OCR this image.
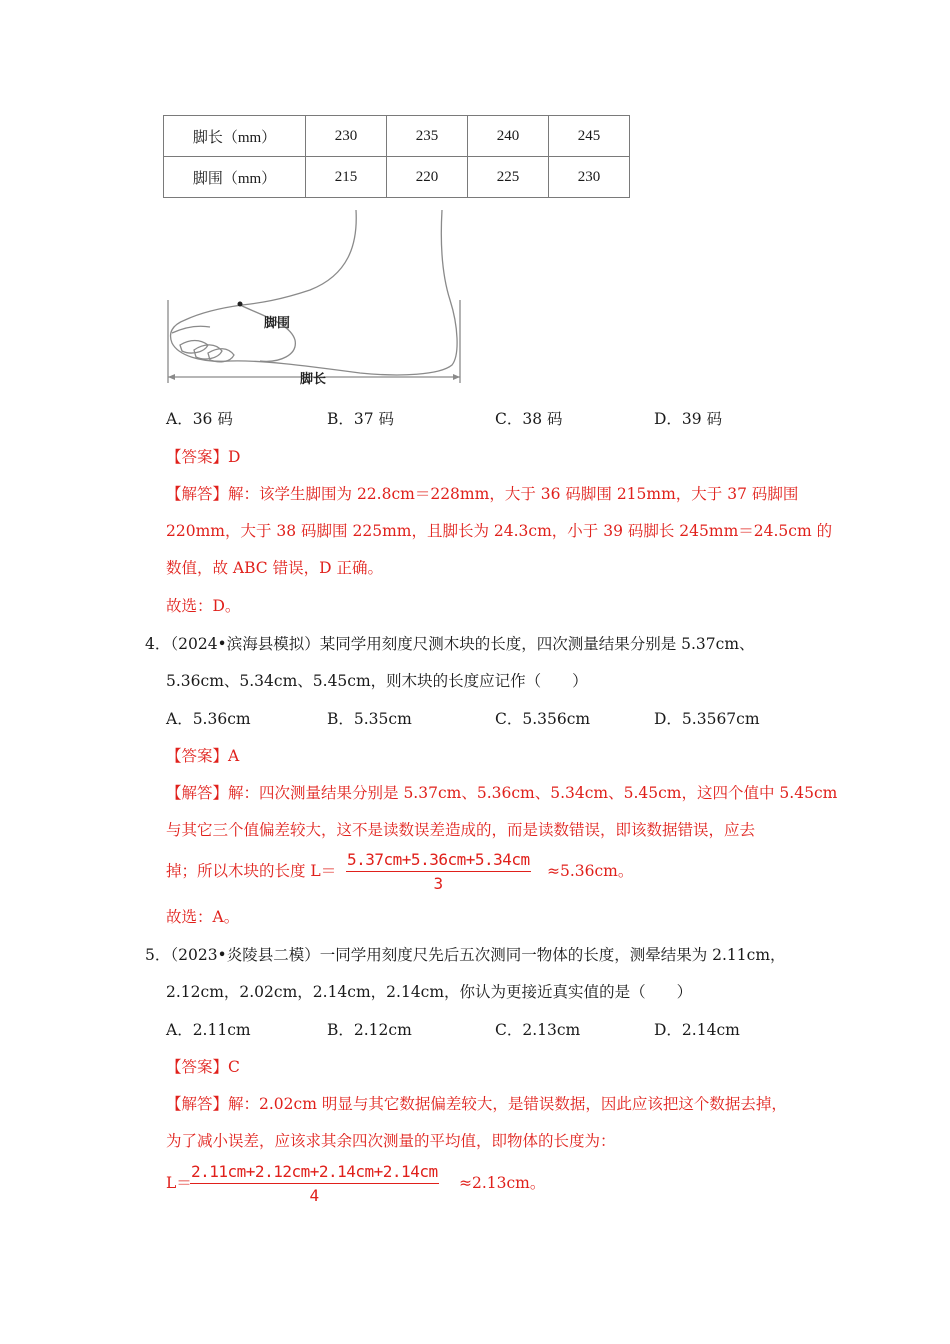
脚长（mm）	230	235	240	245
脚围（mm）	215	220	225	230
脚围
脚长
A．36 码	B．37 码	C．38 码	D．39 码
【答案】D
【解答】解：该学生脚围为 22.8cm＝228mm，大于 36 码脚围 215mm，大于 37 码脚围
220mm，大于 38 码脚围 225mm，且脚长为 24.3cm，小于 39 码脚长 245mm＝24.5cm 的
数值，故 ABC 错误，D 正确。
故选：D。
4．（2024•滨海县模拟）某同学用刻度尺测木块的长度，四次测量结果分别是 5.37cm、
5.36cm、5.34cm、5.45cm，则木块的长度应记作（　　）
A．5.36cm	B．5.35cm	C．5.356cm	D．5.3567cm
【答案】A
【解答】解：四次测量结果分别是 5.37cm、5.36cm、5.34cm、5.45cm，这四个值中 5.45cm
与其它三个值偏差较大，这不是读数误差造成的，而是读数错误，即该数据错误，应去
掉；所以木块的长度 $L= \frac{5.37cm+5.36cm+5.34cm}{3} \approx 5.36cm$。
故选：A。
5．（2023•炎陵县二模）一同学用刻度尺先后五次测同一物体的长度，测晕结果为 2.11cm，
2.12cm，2.02cm，2.14cm，2.14cm，你认为更接近真实值的是（　　）
A．2.11cm	B．2.12cm	C．2.13cm	D．2.14cm
【答案】C
【解答】解：2.02cm 明显与其它数据偏差较大，是错误数据，因此应该把这个数据去掉，
为了减小误差，应该求其余四次测量的平均值，即物体的长度为：
L＝
$\frac{2.11cm+2.12cm+2.14cm+2.14cm}{4} \approx 2.13cm$。
